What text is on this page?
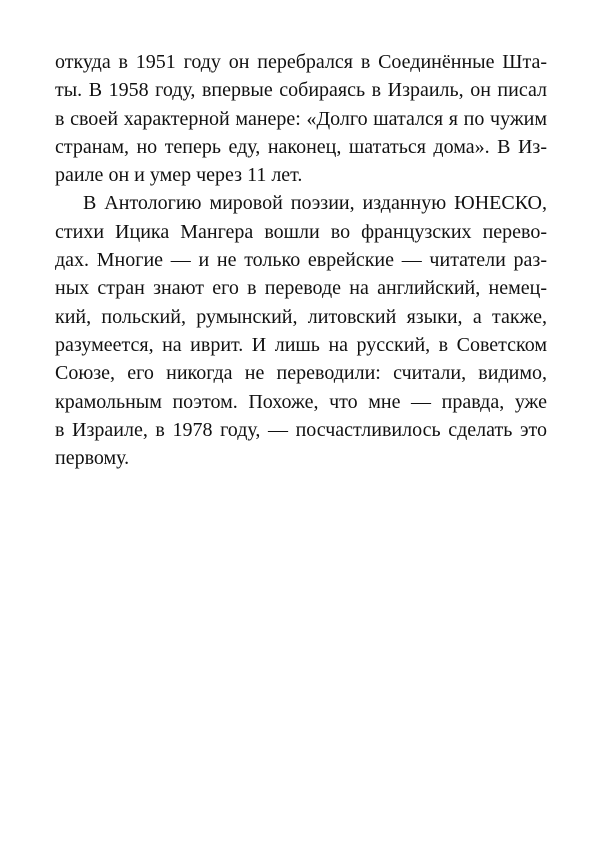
откуда в 1951 году он перебрался в Соединённые Шта-
ты. В 1958 году, впервые собираясь в Израиль, он писал
в своей характерной манере: «Долго шатался я по чужим
странам, но теперь еду, наконец, шататься дома». В Из-
раиле он и умер через 11 лет.
В Антологию мировой поэзии, изданную ЮНЕСКО,
стихи Ицика Мангера вошли во французских перево-
дах. Многие — и не только еврейские — читатели раз-
ных стран знают его в переводе на английский, немец-
кий, польский, румынский, литовский языки, а также,
разумеется, на иврит. И лишь на русский, в Советском
Союзе, его никогда не переводили: считали, видимо,
крамольным поэтом. Похоже, что мне — правда, уже
в Израиле, в 1978 году, — посчастливилось сделать это
первому.
